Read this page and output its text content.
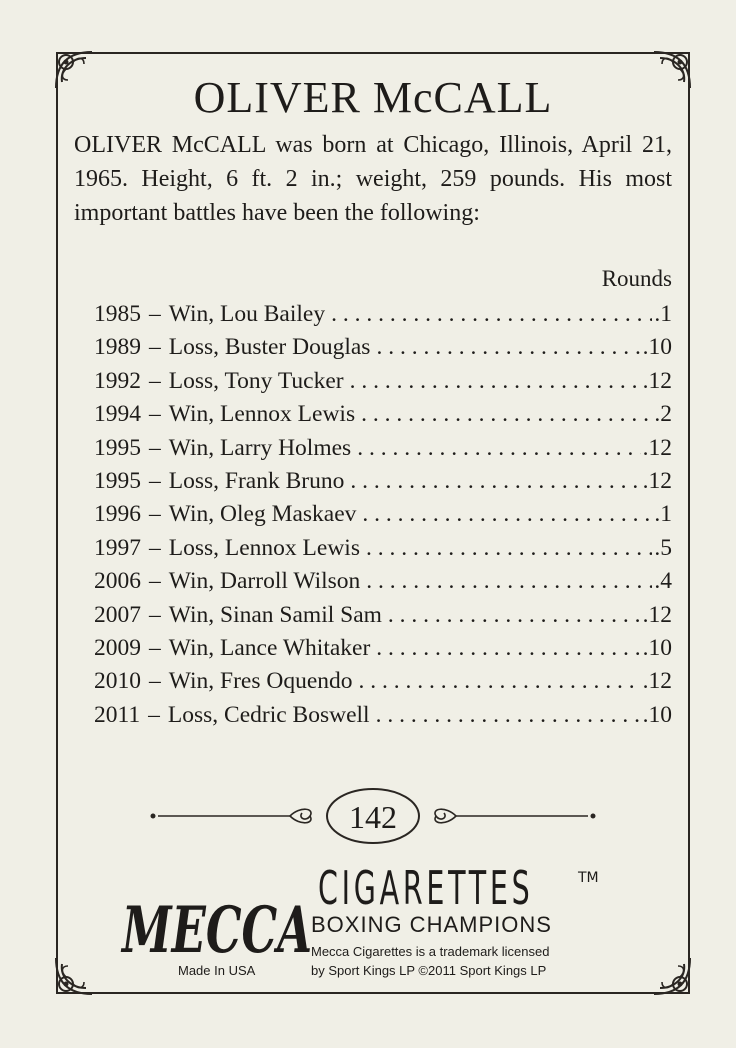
OLIVER McCALL

OLIVER McCALL was born at Chicago, Illinois, April 21, 1965. Height, 6 ft. 2 in.; weight, 259 pounds. His most important battles have been the following:

Rounds
1985 – Win, Lou Bailey . . .	.1
1989 – Loss, Buster Douglas . . .	.10
1992 – Loss, Tony Tucker . . .	.12
1994 – Win, Lennox Lewis . . .	.2
1995 – Win, Larry Holmes . . .	.12
1995 – Loss, Frank Bruno . . .	.12
1996 – Win, Oleg Maskaev . . .	.1
1997 – Loss, Lennox Lewis . . .	.5
2006 – Win, Darroll Wilson . . .	.4
2007 – Win, Sinan Samil Sam . . .	.12
2009 – Win, Lance Whitaker . . .	.10
2010 – Win, Fres Oquendo . . .	.12
2011 – Loss, Cedric Boswell . . .	.10
142
MECCA
CIGARETTES	TM
BOXING CHAMPIONS
Mecca Cigarettes is a trademark licensed
by Sport Kings LP ©2011 Sport Kings LP
Made In USA
